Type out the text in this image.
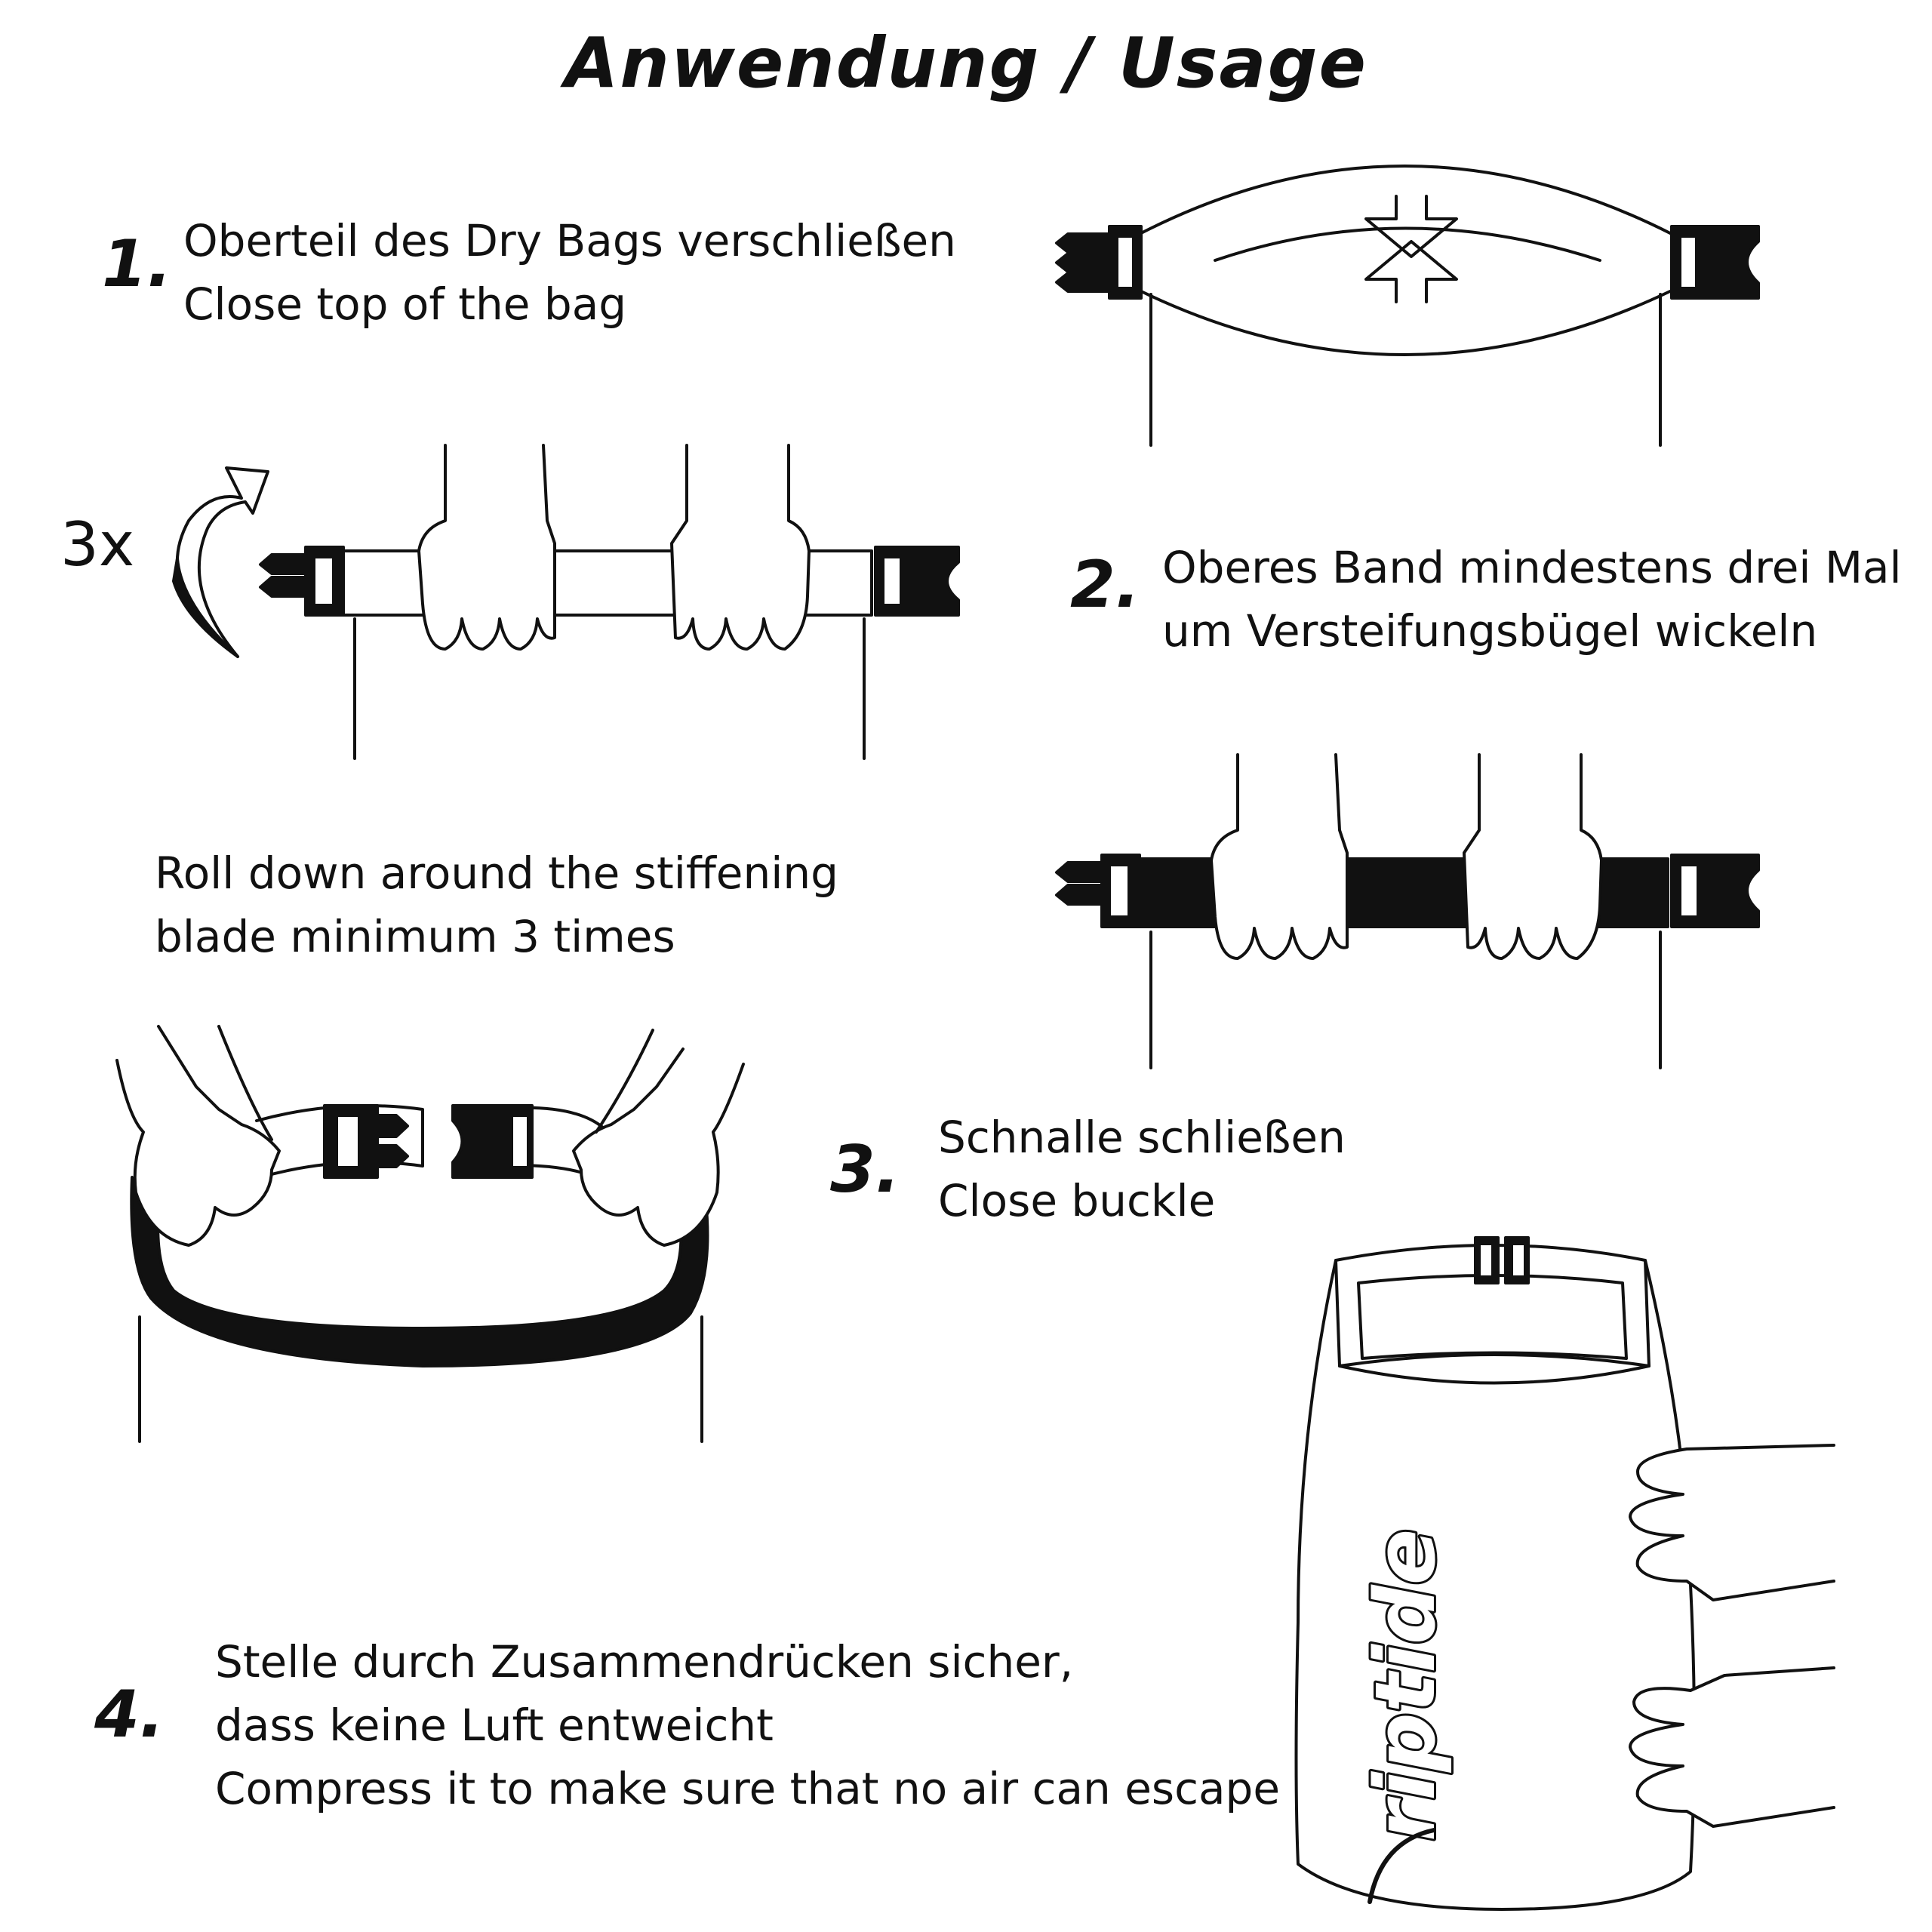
Anwendung / Usage
1. Oberteil des Dry Bags verschließen
Close top of the bag
3x
2. Oberes Band mindestens drei Mal
um Versteifungsbügel wickeln
Roll down around the stiffening
blade minimum 3 times
3. Schnalle schließen
Close buckle
4.
Stelle durch Zusammendrücken sicher,
dass keine Luft entweicht
Compress it to make sure that no air can escape riptide
